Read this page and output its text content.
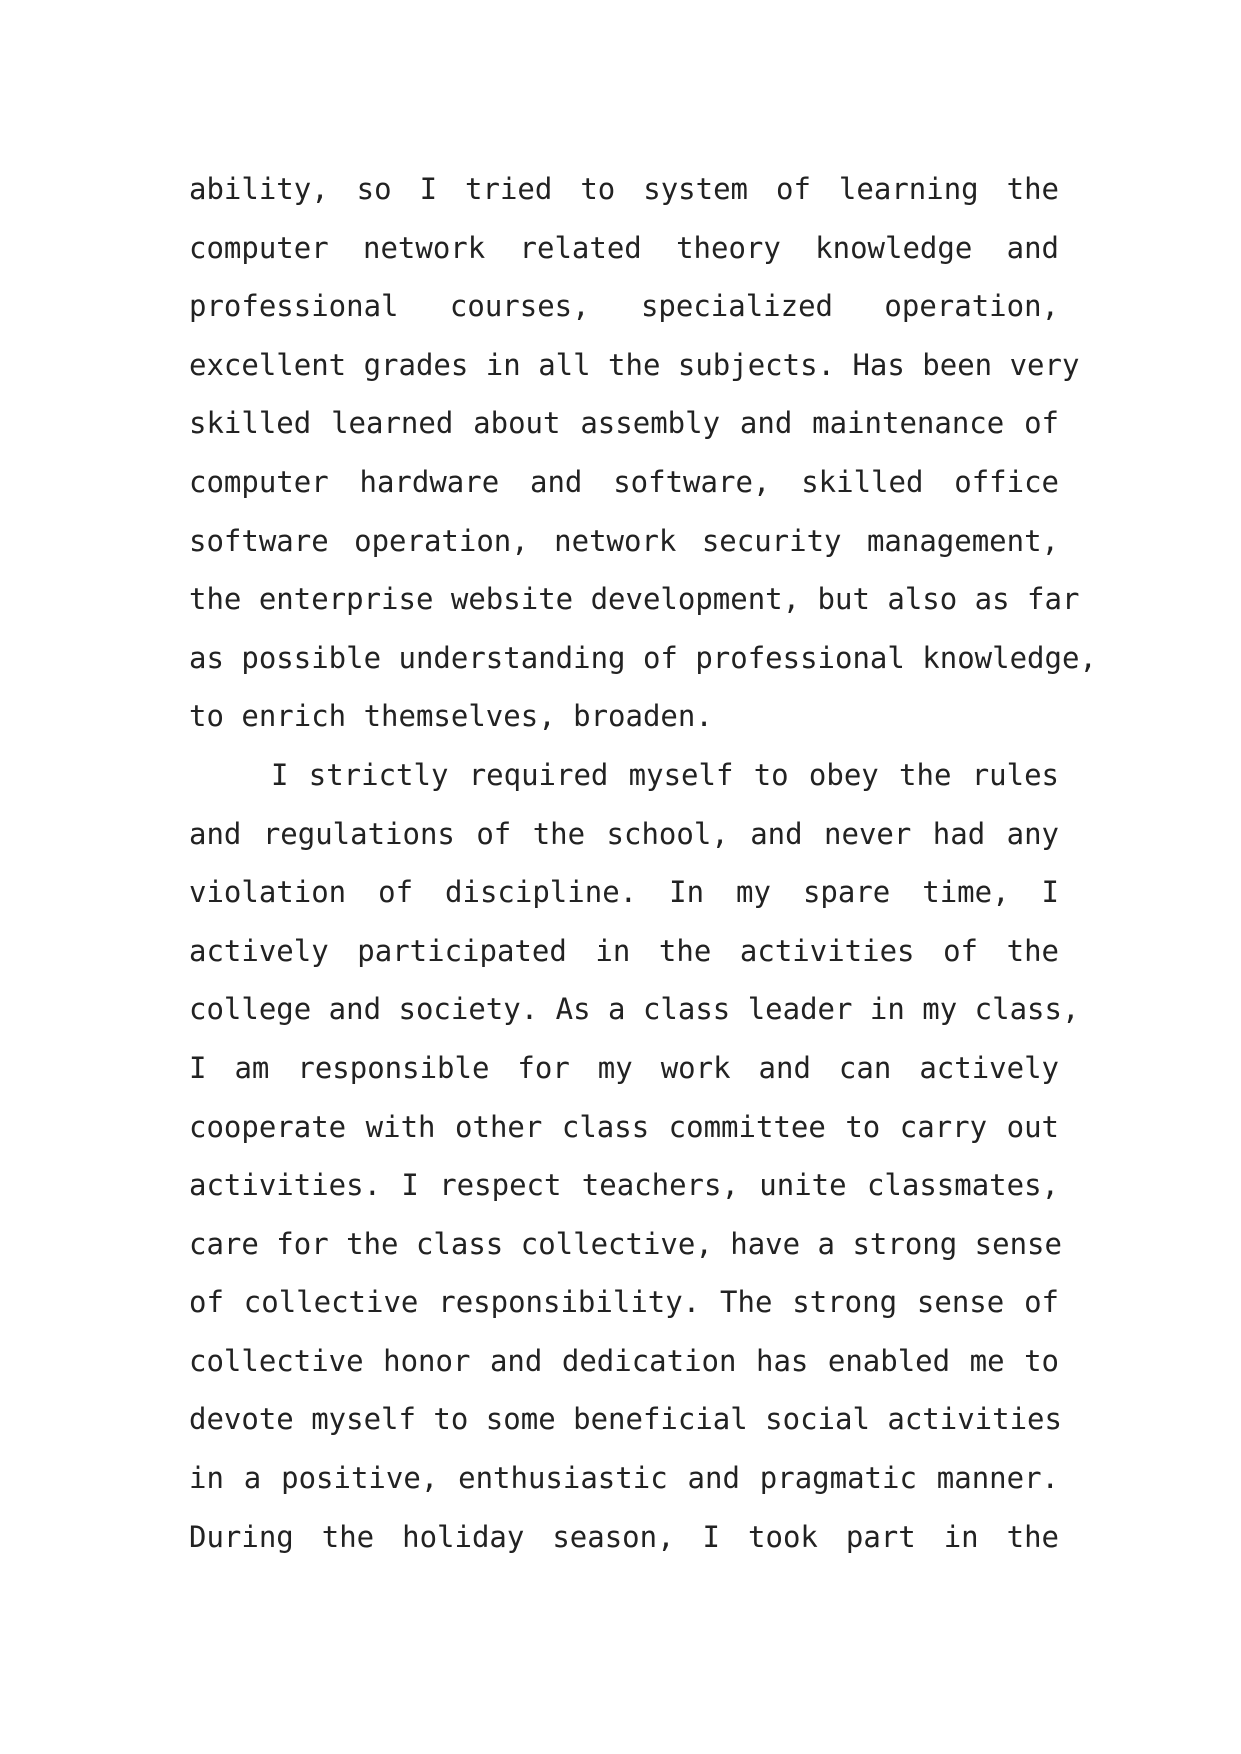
ability, so I tried to system of learning the
computer network related theory knowledge and
professional courses, specialized operation,
excellent grades in all the subjects. Has been very
skilled learned about assembly and maintenance of
computer hardware and software, skilled office
software operation, network security management,
the enterprise website development, but also as far
as possible understanding of professional knowledge,
to enrich themselves, broaden.
I strictly required myself to obey the rules
and regulations of the school, and never had any
violation of discipline. In my spare time, I
actively participated in the activities of the
college and society. As a class leader in my class,
I am responsible for my work and can actively
cooperate with other class committee to carry out
activities. I respect teachers, unite classmates,
care for the class collective, have a strong sense
of collective responsibility. The strong sense of
collective honor and dedication has enabled me to
devote myself to some beneficial social activities
in a positive, enthusiastic and pragmatic manner.
During the holiday season, I took part in the
